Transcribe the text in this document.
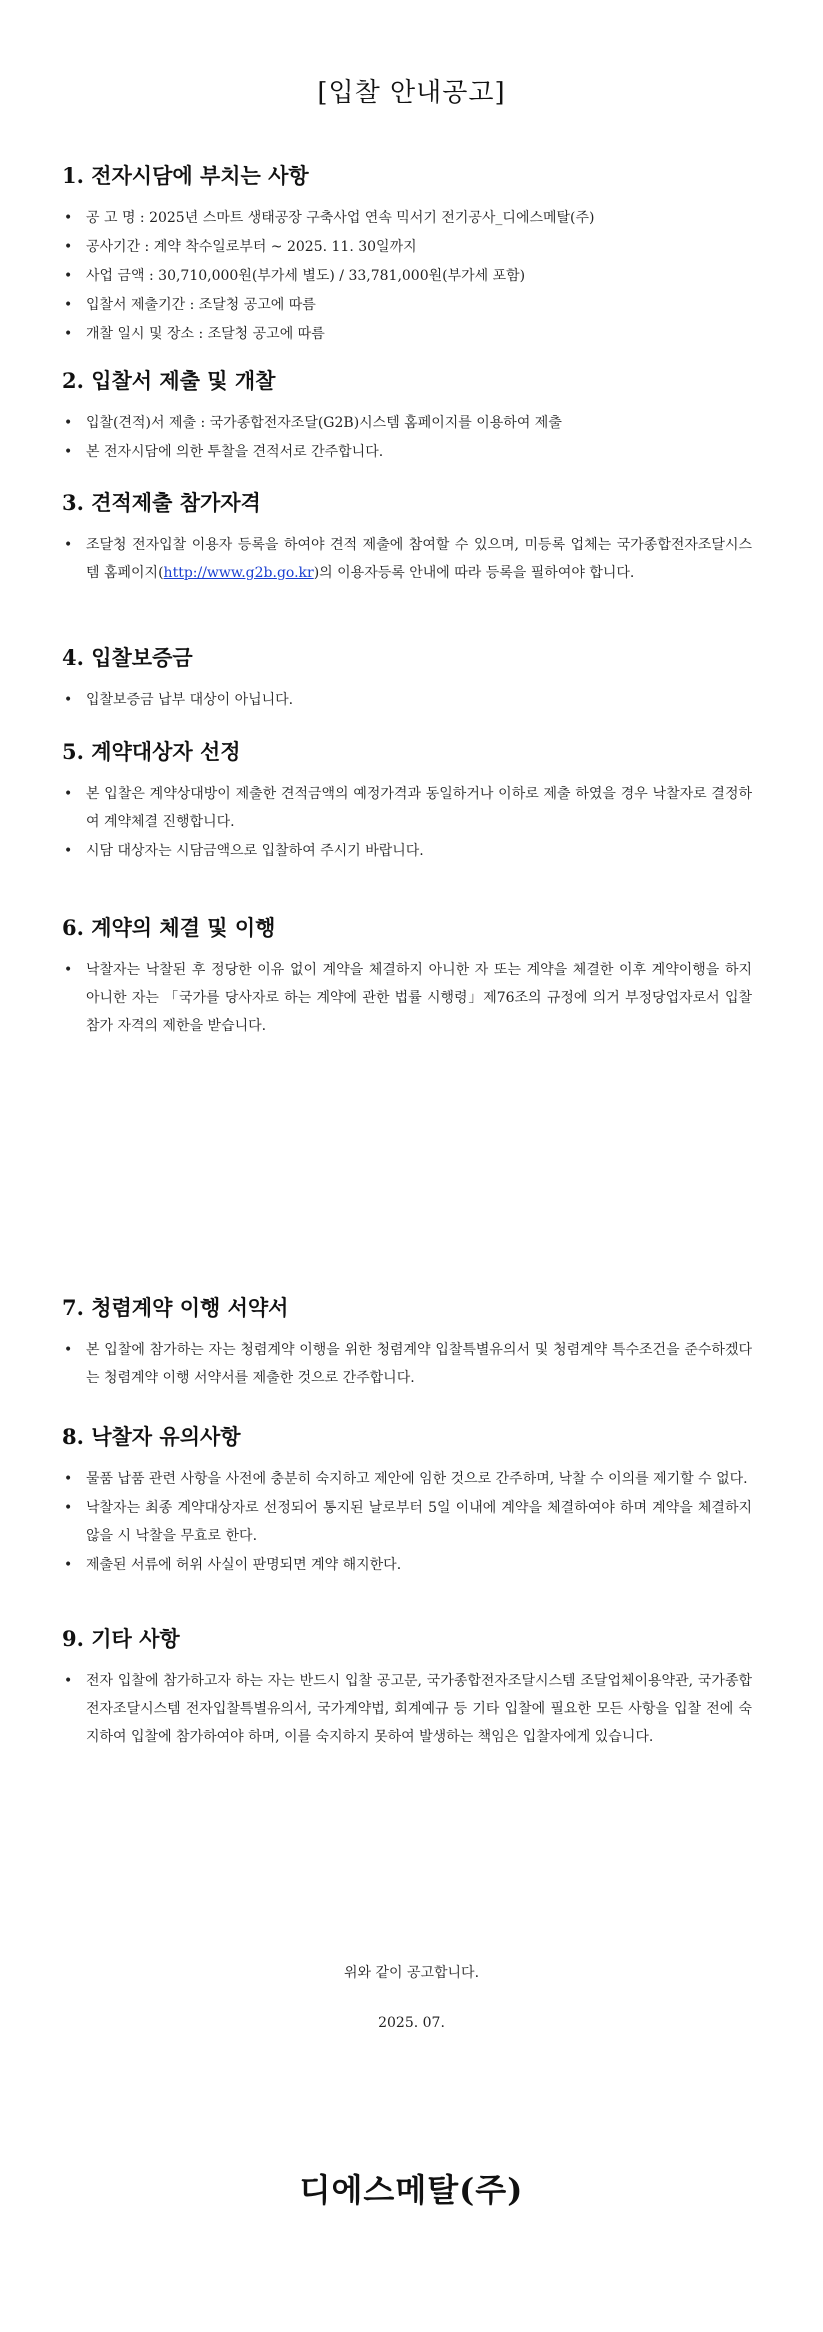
[입찰 안내공고]
1. 전자시담에 부치는 사항
• 공 고 명 : 2025년 스마트 생태공장 구축사업 연속 믹서기 전기공사_디에스메탈(주)
• 공사기간 : 계약 착수일로부터 ~ 2025. 11. 30일까지
• 사업 금액 : 30,710,000원(부가세 별도) / 33,781,000원(부가세 포함)
• 입찰서 제출기간 : 조달청 공고에 따름
• 개찰 일시 및 장소 : 조달청 공고에 따름
2. 입찰서 제출 및 개찰
• 입찰(견적)서 제출 : 국가종합전자조달(G2B)시스템 홈페이지를 이용하여 제출
• 본 전자시담에 의한 투찰을 견적서로 간주합니다.
3. 견적제출 참가자격
• 조달청 전자입찰 이용자 등록을 하여야 견적 제출에 참여할 수 있으며, 미등록 업체는 국가종합전자조달시스템 홈페이지(http://www.g2b.go.kr)의 이용자등록 안내에 따라 등록을 필하여야 합니다.
4. 입찰보증금
• 입찰보증금 납부 대상이 아닙니다.
5. 계약대상자 선정
• 본 입찰은 계약상대방이 제출한 견적금액의 예정가격과 동일하거나 이하로 제출 하였을 경우 낙찰자로 결정하여 계약체결 진행합니다.
• 시담 대상자는 시담금액으로 입찰하여 주시기 바랍니다.
6. 계약의 체결 및 이행
• 낙찰자는 낙찰된 후 정당한 이유 없이 계약을 체결하지 아니한 자 또는 계약을 체결한 이후 계약이행을 하지 아니한 자는 「국가를 당사자로 하는 계약에 관한 법률 시행령」제76조의 규정에 의거 부정당업자로서 입찰참가 자격의 제한을 받습니다.
7. 청렴계약 이행 서약서
• 본 입찰에 참가하는 자는 청렴계약 이행을 위한 청렴계약 입찰특별유의서 및 청렴계약 특수조건을 준수하겠다는 청렴계약 이행 서약서를 제출한 것으로 간주합니다.
8. 낙찰자 유의사항
• 물품 납품 관련 사항을 사전에 충분히 숙지하고 제안에 임한 것으로 간주하며, 낙찰 수 이의를 제기할 수 없다.
• 낙찰자는 최종 계약대상자로 선정되어 통지된 날로부터 5일 이내에 계약을 체결하여야 하며 계약을 체결하지 않을 시 낙찰을 무효로 한다.
• 제출된 서류에 허위 사실이 판명되면 계약 해지한다.
9. 기타 사항
• 전자 입찰에 참가하고자 하는 자는 반드시 입찰 공고문, 국가종합전자조달시스템 조달업체이용약관, 국가종합전자조달시스템 전자입찰특별유의서, 국가계약법, 회계예규 등 기타 입찰에 필요한 모든 사항을 입찰 전에 숙지하여 입찰에 참가하여야 하며, 이를 숙지하지 못하여 발생하는 책임은 입찰자에게 있습니다.
위와 같이 공고합니다.
2025. 07.
디에스메탈(주)
